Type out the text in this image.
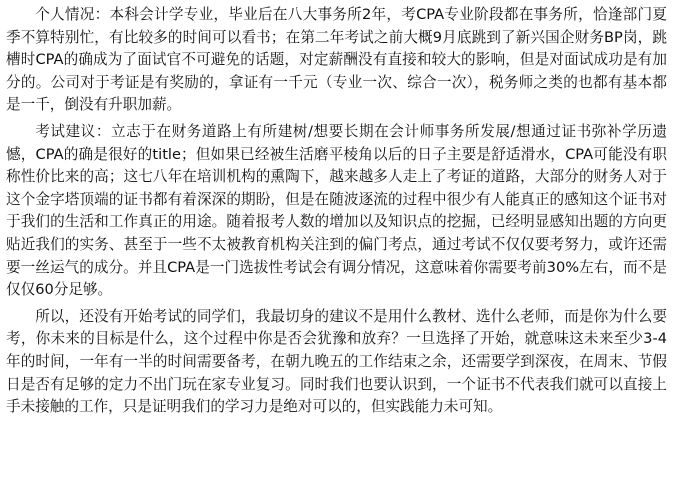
个人情况：本科会计学专业，毕业后在八大事务所2年，考CPA专业阶段都在事务所，恰逢部门夏季不算特别忙，有比较多的时间可以看书；在第二年考试之前大概9月底跳到了新兴国企财务BP岗，跳槽时CPA的确成为了面试官不可避免的话题，对定薪酬没有直接和较大的影响，但是对面试成功是有加分的。公司对于考证是有奖励的，拿证有一千元（专业一次、综合一次），税务师之类的也都有基本都是一千，倒没有升职加薪。

考试建议：立志于在财务道路上有所建树/想要长期在会计师事务所发展/想通过证书弥补学历遗憾，CPA的确是很好的title；但如果已经被生活磨平棱角以后的日子主要是舒适滑水，CPA可能没有职称性价比来的高；这七八年在培训机构的熏陶下，越来越多人走上了考证的道路，大部分的财务人对于这个金字塔顶端的证书都有着深深的期盼，但是在随波逐流的过程中很少有人能真正的感知这个证书对于我们的生活和工作真正的用途。随着报考人数的增加以及知识点的挖掘，已经明显感知出题的方向更贴近我们的实务、甚至于一些不太被教育机构关注到的偏门考点，通过考试不仅仅要考努力，或许还需要一丝运气的成分。并且CPA是一门选拔性考试会有调分情况，这意味着你需要考前30%左右，而不是仅仅60分足够。

所以，还没有开始考试的同学们，我最切身的建议不是用什么教材、选什么老师，而是你为什么要考，你未来的目标是什么，这个过程中你是否会犹豫和放弃？一旦选择了开始，就意味这未来至少3-4年的时间，一年有一半的时间需要备考，在朝九晚五的工作结束之余，还需要学到深夜，在周末、节假日是否有足够的定力不出门玩在家专业复习。同时我们也要认识到，一个证书不代表我们就可以直接上手未接触的工作，只是证明我们的学习力是绝对可以的，但实践能力未可知。
